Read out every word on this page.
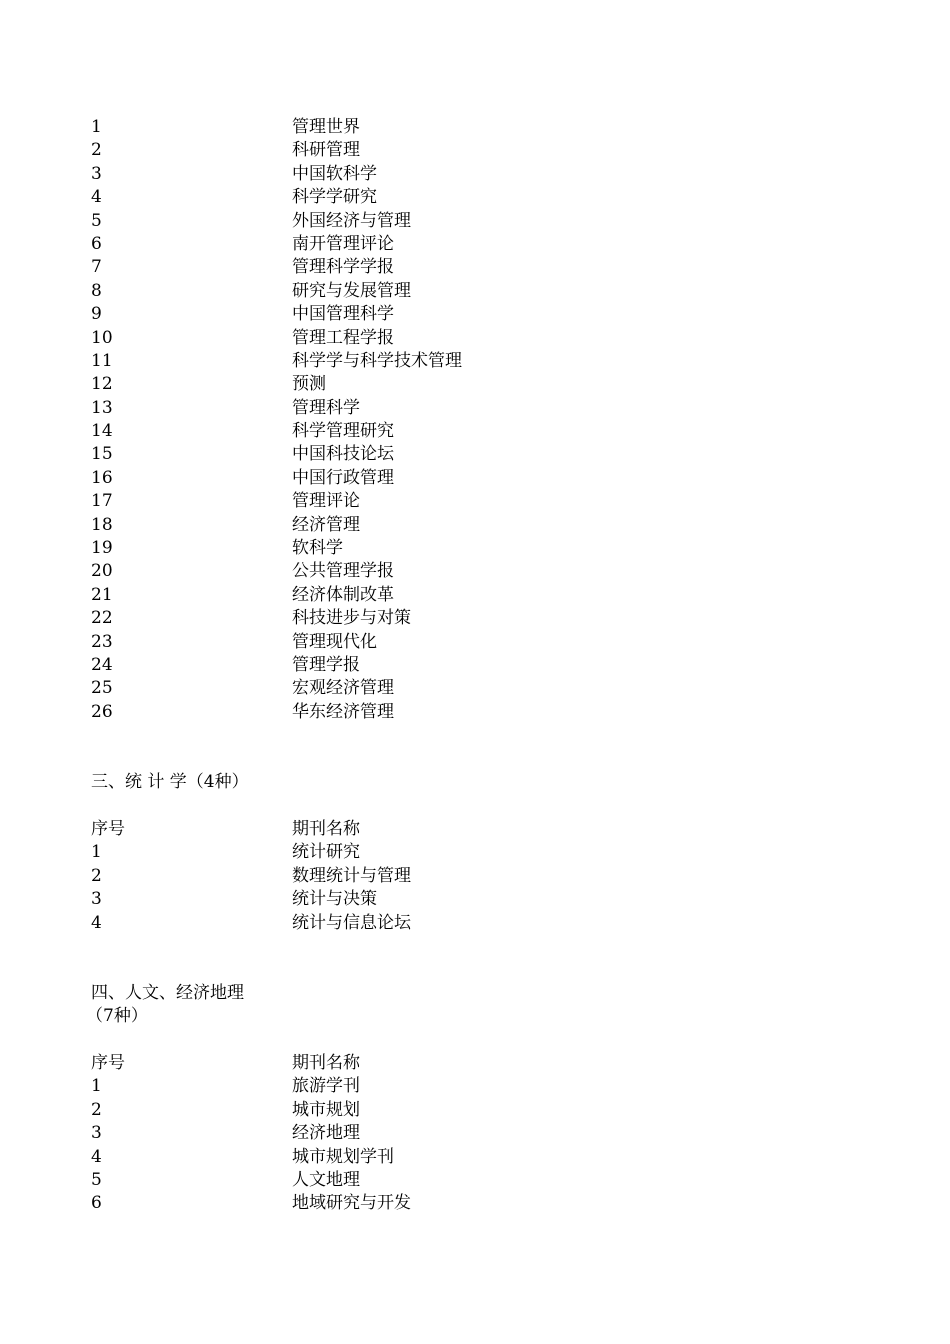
1	管理世界
2	科研管理
3	中国软科学
4	科学学研究
5	外国经济与管理
6	南开管理评论
7	管理科学学报
8	研究与发展管理
9	中国管理科学
10	管理工程学报
11	科学学与科学技术管理
12	预测
13	管理科学
14	科学管理研究
15	中国科技论坛
16	中国行政管理
17	管理评论
18	经济管理
19	软科学
20	公共管理学报
21	经济体制改革
22	科技进步与对策
23	管理现代化
24	管理学报
25	宏观经济管理
26	华东经济管理
三、统 计 学（4种）
序号	期刊名称
1	统计研究
2	数理统计与管理
3	统计与决策
4	统计与信息论坛
四、人文、经济地理
（7种）
序号	期刊名称
1	旅游学刊
2	城市规划
3	经济地理
4	城市规划学刊
5	人文地理
6	地域研究与开发
